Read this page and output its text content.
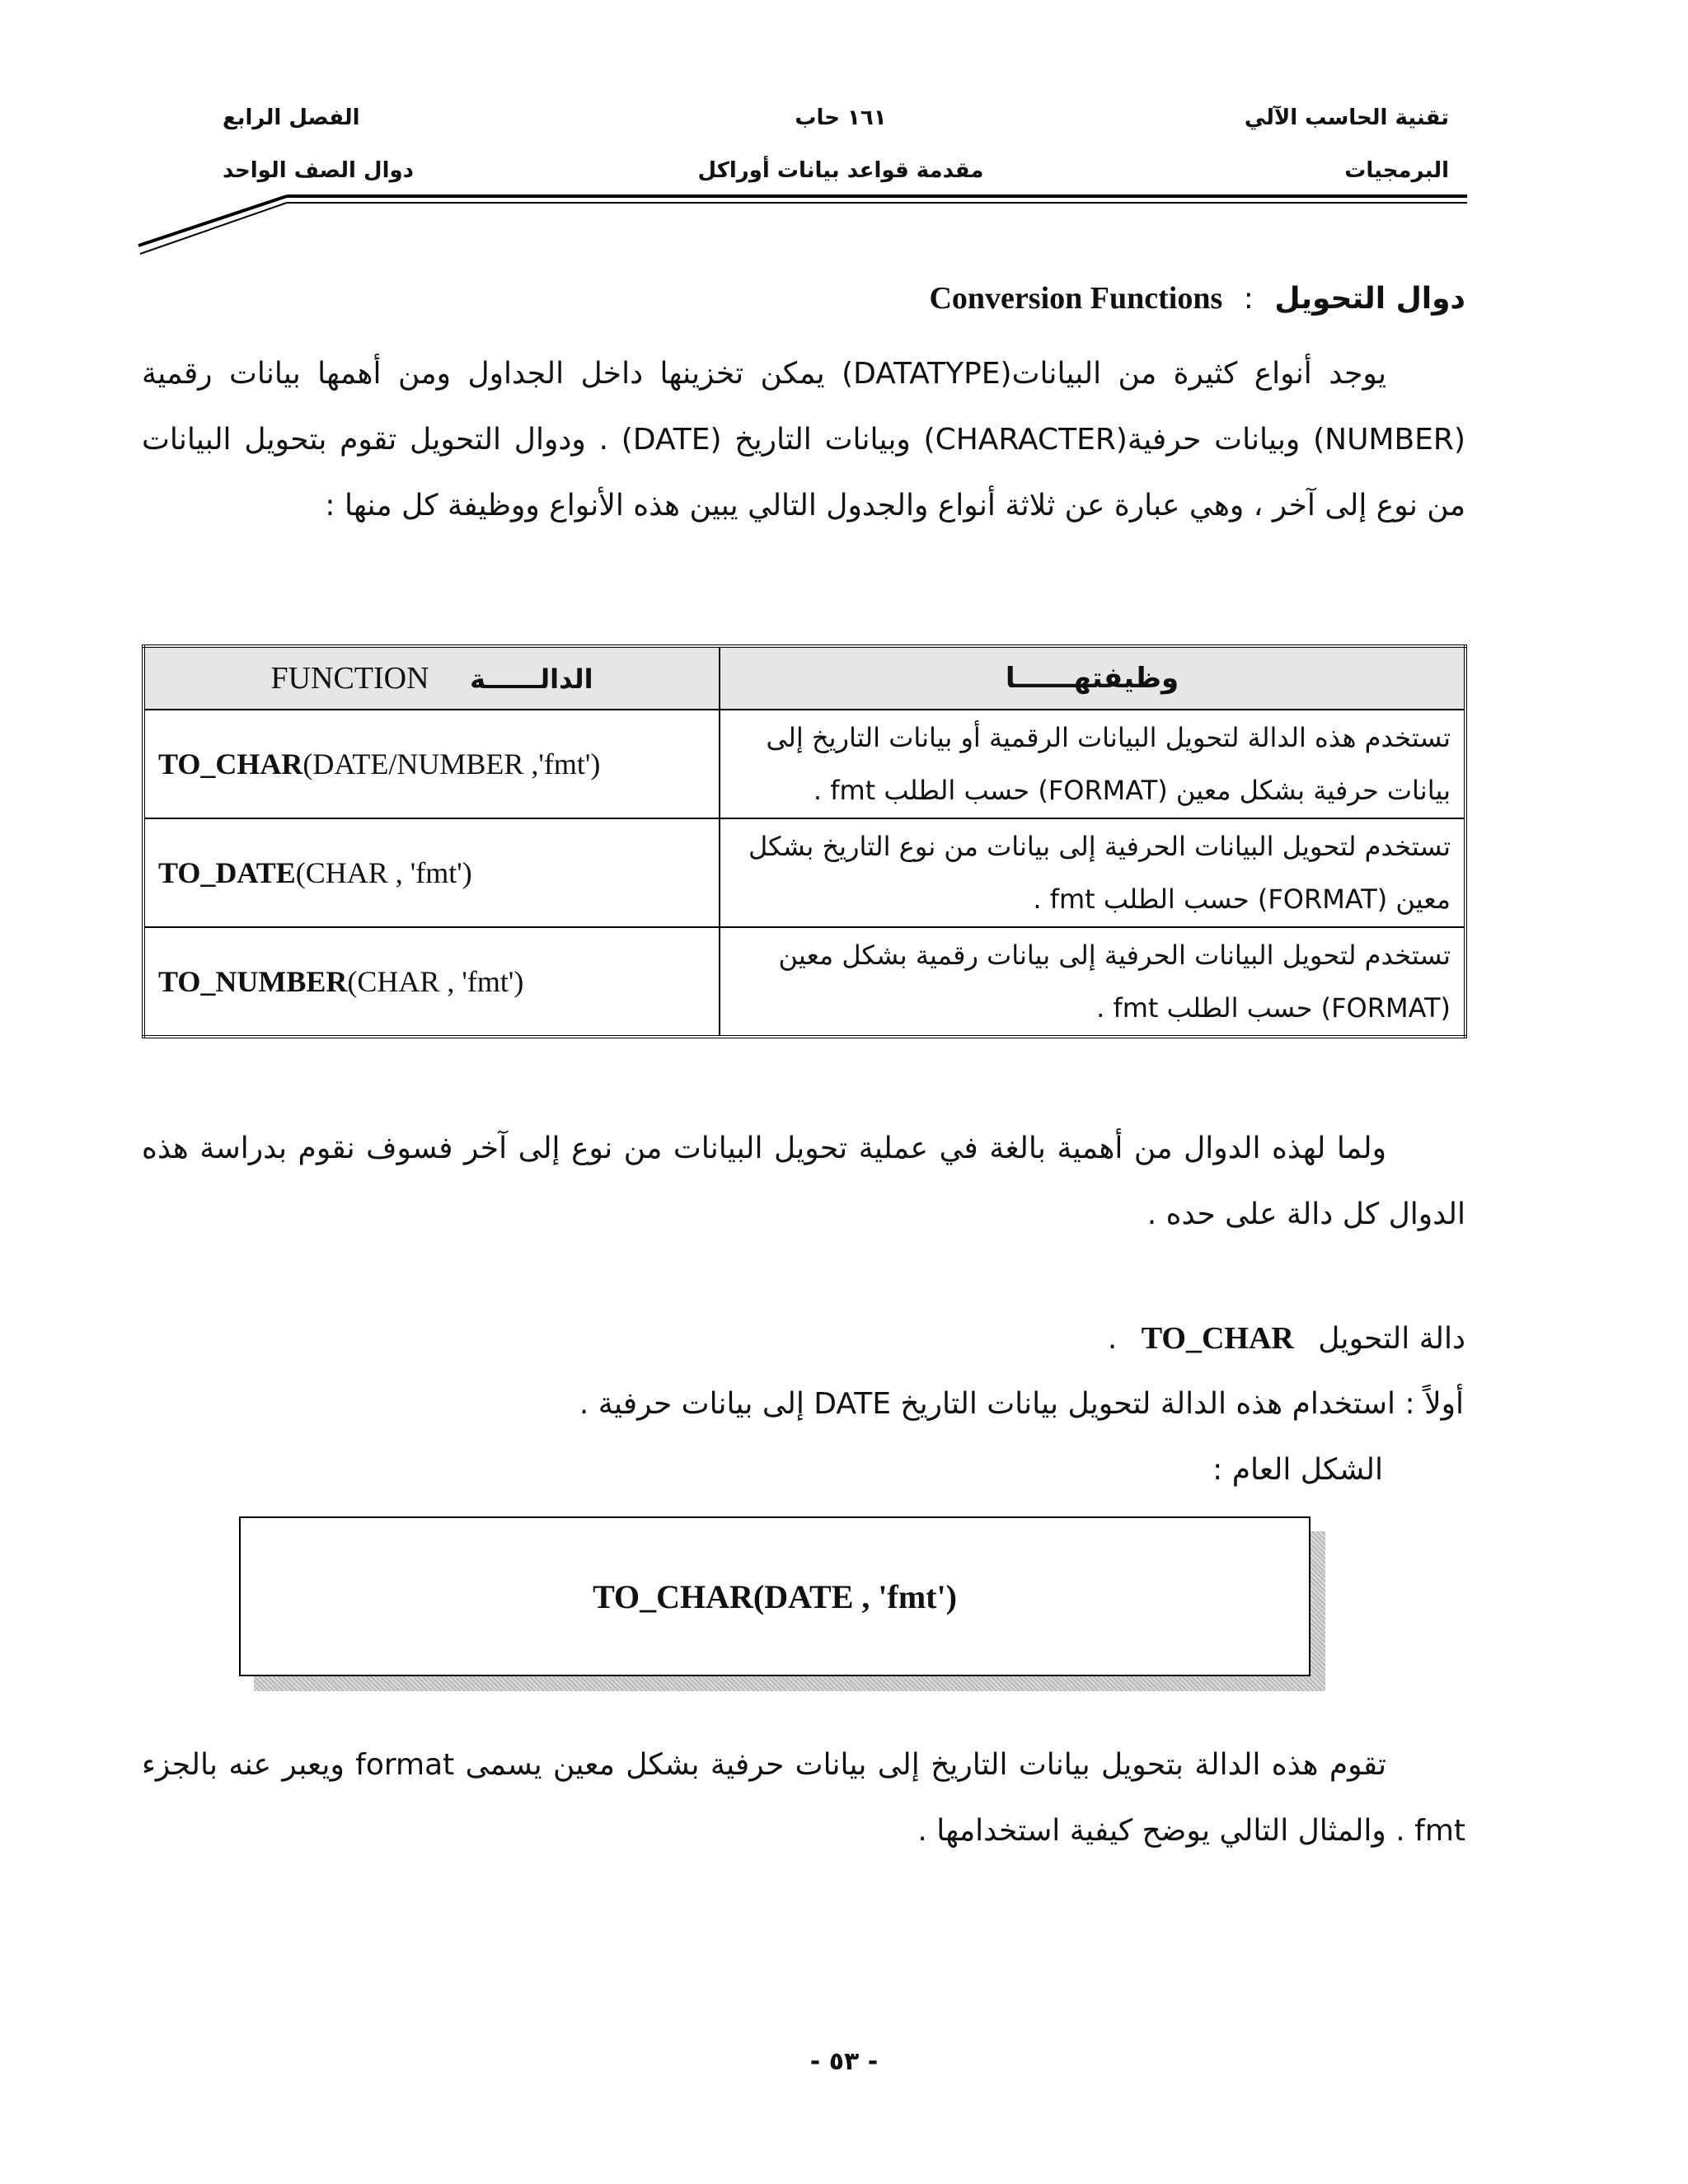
تقنية الحاسب الآلي
البرمجيات
١٦١ حاب
مقدمة قواعد بيانات أوراكل
الفصل الرابع
دوال الصف الواحد
دوال التحويل : Conversion Functions
يوجد أنواع كثيرة من البيانات(DATATYPE) يمكن تخزينها داخل الجداول ومن أهمها بيانات رقمية (NUMBER) وبيانات حرفية(CHARACTER) وبيانات التاريخ (DATE) . ودوال التحويل تقوم بتحويل البيانات من نوع إلى آخر ، وهي عبارة عن ثلاثة أنواع والجدول التالي يبين هذه الأنواع ووظيفة كل منها :
FUNCTION الدالــــــة	وظيفتهــــــا
TO_CHAR(DATE/NUMBER ,'fmt')	تستخدم هذه الدالة لتحويل البيانات الرقمية أو بيانات التاريخ إلى بيانات حرفية بشكل معين (FORMAT) حسب الطلب fmt .
TO_DATE(CHAR , 'fmt')	تستخدم لتحويل البيانات الحرفية إلى بيانات من نوع التاريخ بشكل معين (FORMAT) حسب الطلب fmt .
TO_NUMBER(CHAR , 'fmt')	تستخدم لتحويل البيانات الحرفية إلى بيانات رقمية بشكل معين (FORMAT) حسب الطلب fmt .
ولما لهذه الدوال من أهمية بالغة في عملية تحويل البيانات من نوع إلى آخر فسوف نقوم بدراسة هذه الدوال كل دالة على حده .
دالة التحويل TO_CHAR .
أولاً : استخدام هذه الدالة لتحويل بيانات التاريخ DATE إلى بيانات حرفية .
الشكل العام :
TO_CHAR(DATE , 'fmt')
تقوم هذه الدالة بتحويل بيانات التاريخ إلى بيانات حرفية بشكل معين يسمى format ويعبر عنه بالجزء fmt . والمثال التالي يوضح كيفية استخدامها .
- ٥٣ -
